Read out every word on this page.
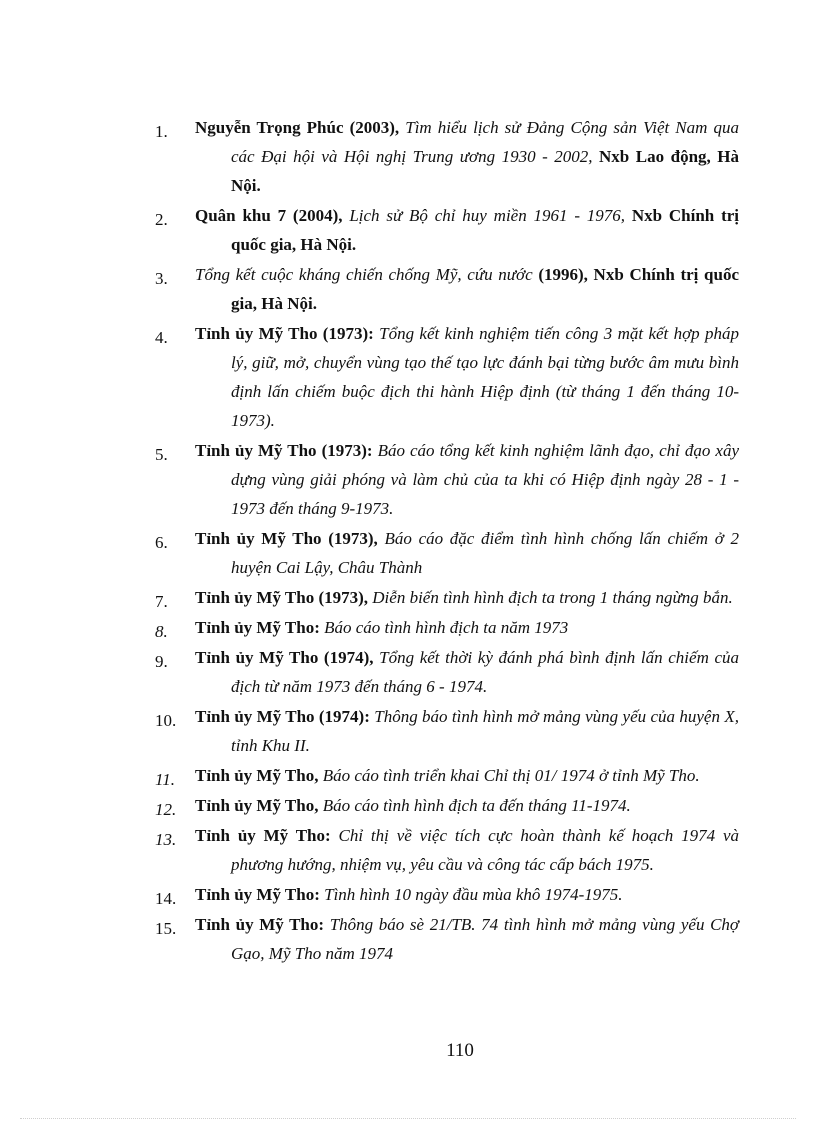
1. Nguyễn Trọng Phúc (2003), Tìm hiểu lịch sử Đảng Cộng sản Việt Nam qua các Đại hội và Hội nghị Trung ương 1930 - 2002, Nxb Lao động, Hà Nội.
2. Quân khu 7 (2004), Lịch sử Bộ chỉ huy miền 1961 - 1976, Nxb Chính trị quốc gia, Hà Nội.
3. Tổng kết cuộc kháng chiến chống Mỹ, cứu nước (1996), Nxb Chính trị quốc gia, Hà Nội.
4. Tỉnh ủy Mỹ Tho (1973): Tổng kết kinh nghiệm tiến công 3 mặt kết hợp pháp lý, giữ, mở, chuyển vùng tạo thế tạo lực đánh bại từng bước âm mưu bình định lấn chiếm buộc địch thi hành Hiệp định (từ tháng 1 đến tháng 10-1973).
5. Tỉnh ủy Mỹ Tho (1973): Báo cáo tổng kết kinh nghiệm lãnh đạo, chỉ đạo xây dựng vùng giải phóng và làm chủ của ta khi có Hiệp định ngày 28 - 1 - 1973 đến tháng 9-1973.
6. Tỉnh ủy Mỹ Tho (1973), Báo cáo đặc điểm tình hình chống lấn chiếm ở 2 huyện Cai Lậy, Châu Thành
7. Tỉnh ủy Mỹ Tho (1973), Diễn biến tình hình địch ta trong 1 tháng ngừng bắn.
8. Tỉnh ủy Mỹ Tho: Báo cáo tình hình địch ta năm 1973
9. Tỉnh ủy Mỹ Tho (1974), Tổng kết thời kỳ đánh phá bình định lấn chiếm của địch từ năm 1973 đến tháng 6 - 1974.
10. Tỉnh ủy Mỹ Tho (1974): Thông báo tình hình mở mảng vùng yếu của huyện X, tỉnh Khu II.
11. Tỉnh ủy Mỹ Tho, Báo cáo tình triển khai Chỉ thị 01/ 1974 ở tỉnh Mỹ Tho.
12. Tỉnh ủy Mỹ Tho, Báo cáo tình hình địch ta đến tháng 11-1974.
13. Tỉnh ủy Mỹ Tho: Chỉ thị về việc tích cực hoàn thành kế hoạch 1974 và phương hướng, nhiệm vụ, yêu cầu và công tác cấp bách 1975.
14. Tỉnh ủy Mỹ Tho: Tình hình 10 ngày đầu mùa khô 1974-1975.
15. Tỉnh ủy Mỹ Tho: Thông báo sè 21/TB. 74 tình hình mở mảng vùng yếu Chợ Gạo, Mỹ Tho năm 1974
110
